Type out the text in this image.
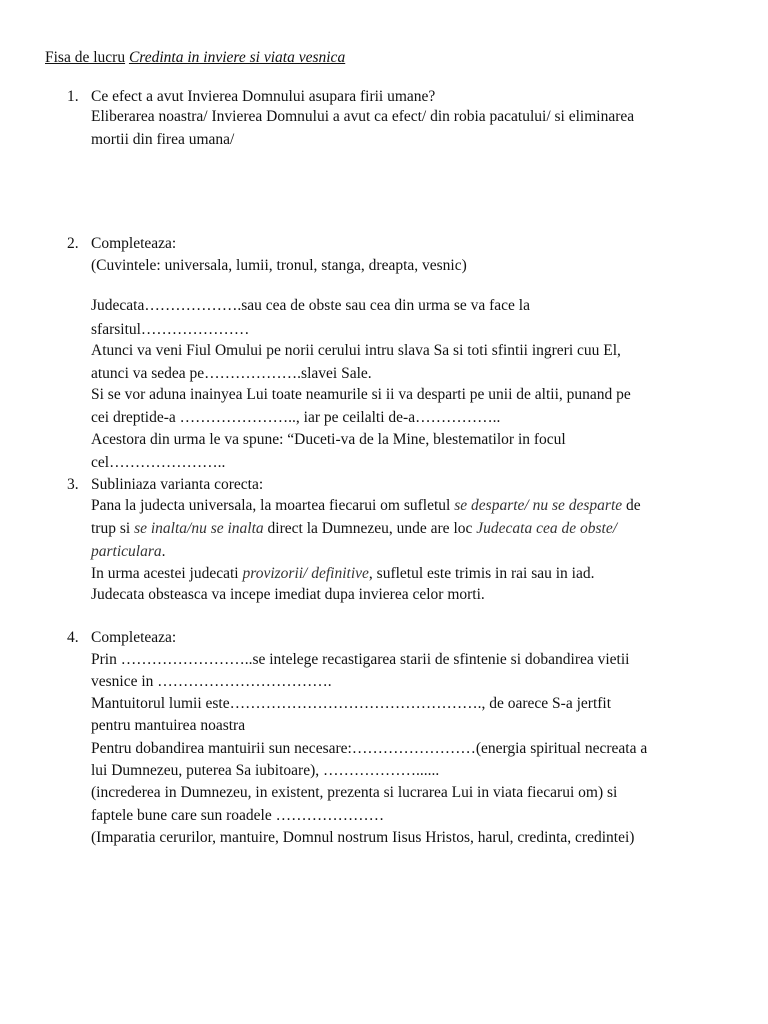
Fisa de lucru Credinta in inviere si viata vesnica
1. Ce efect a avut Invierea Domnului asupara firii umane?
Eliberarea noastra/ Invierea Domnului a avut ca efect/ din robia pacatului/ si eliminarea
mortii din firea umana/
2. Completeaza:
(Cuvintele: universala, lumii, tronul, stanga, dreapta, vesnic)
Judecata……………….sau cea de obste sau cea din urma se va face la
sfarsitul…………………
Atunci va veni Fiul Omului pe norii cerului intru slava Sa si toti sfintii ingreri cuu El,
atunci va sedea pe……………….slavei Sale.
Si se vor aduna inainyea Lui toate neamurile si ii va desparti pe unii de altii, punand pe
cei dreptide-a ………………….., iar pe ceilalti de-a……………..
Acestora din urma le va spune: “Duceti-va de la Mine, blestematilor in focul
cel…………………..
3. Subliniaza varianta corecta:
Pana la judecta universala, la moartea fiecarui om sufletul se desparte/ nu se desparte de
trup si se inalta/nu se inalta direct la Dumnezeu, unde are loc Judecata cea de obste/
particulara.
In urma acestei judecati provizorii/ definitive, sufletul este trimis in rai sau in iad.
Judecata obsteasca va incepe imediat dupa invierea celor morti.
4. Completeaza:
Prin ……………………..se intelege recastigarea starii de sfintenie si dobandirea vietii
vesnice in …………………………….
Mantuitorul lumii este…………………………………………., de oarece S-a jertfit
pentru mantuirea noastra
Pentru dobandirea mantuirii sun necesare:……………………(energia spiritual necreata a
lui Dumnezeu, puterea Sa iubitoare), ………………......
(increderea in Dumnezeu, in existent, prezenta si lucrarea Lui in viata fiecarui om) si
faptele bune care sun roadele …………………
(Imparatia cerurilor, mantuire, Domnul nostrum Iisus Hristos, harul, credinta, credintei)
